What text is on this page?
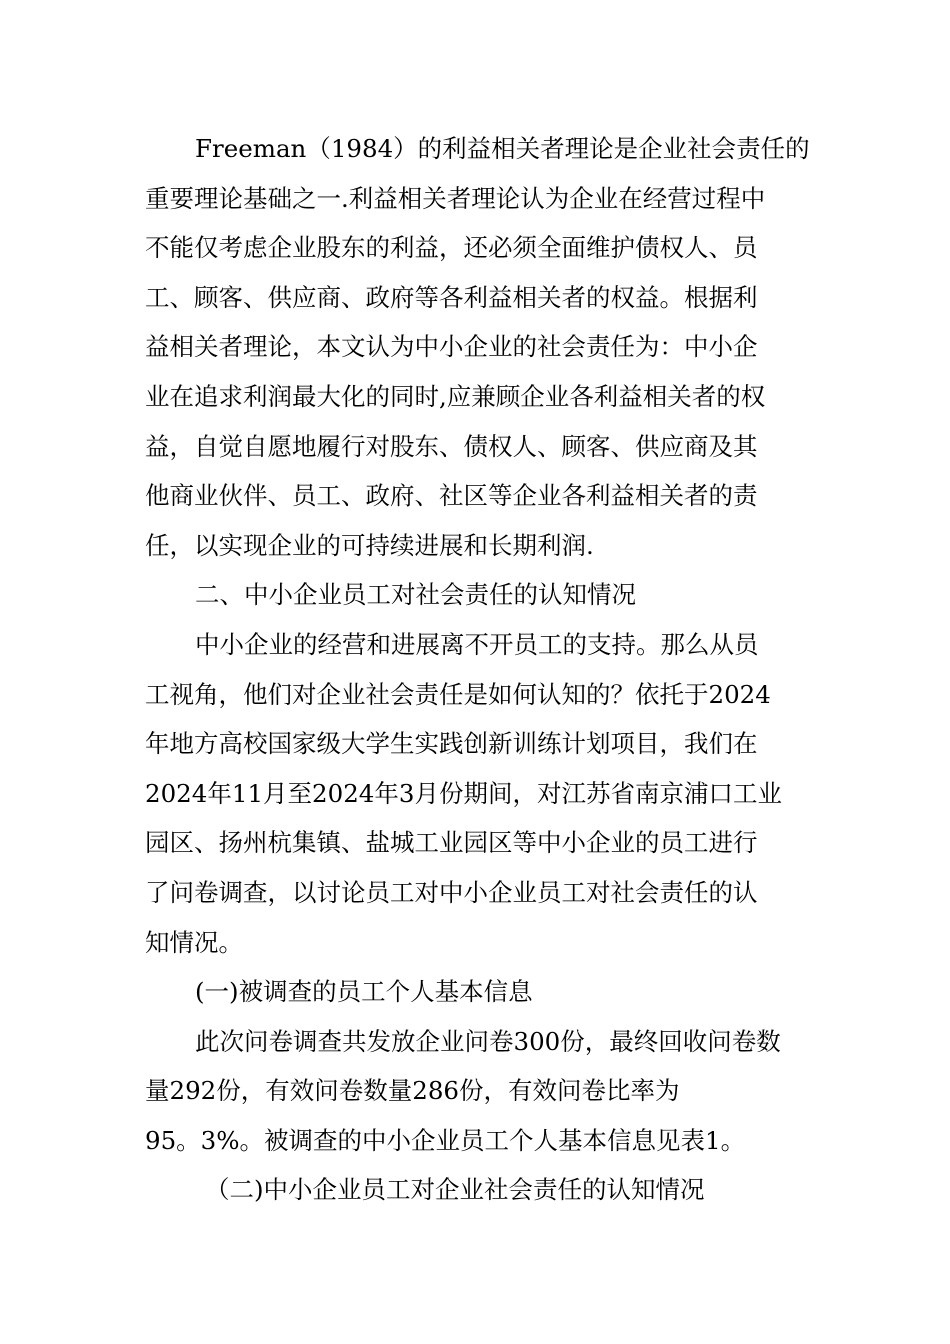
Freeman（1984）的利益相关者理论是企业社会责任的
重要理论基础之一.利益相关者理论认为企业在经营过程中
不能仅考虑企业股东的利益，还必须全面维护债权人、员
工、顾客、供应商、政府等各利益相关者的权益。根据利
益相关者理论，本文认为中小企业的社会责任为：中小企
业在追求利润最大化的同时,应兼顾企业各利益相关者的权
益，自觉自愿地履行对股东、债权人、顾客、供应商及其
他商业伙伴、员工、政府、社区等企业各利益相关者的责
任，以实现企业的可持续进展和长期利润.
二、中小企业员工对社会责任的认知情况
中小企业的经营和进展离不开员工的支持。那么从员
工视角，他们对企业社会责任是如何认知的？依托于2024
年地方高校国家级大学生实践创新训练计划项目，我们在
2024年11月至2024年3月份期间，对江苏省南京浦口工业
园区、扬州杭集镇、盐城工业园区等中小企业的员工进行
了问卷调查，以讨论员工对中小企业员工对社会责任的认
知情况。
(一)被调查的员工个人基本信息
此次问卷调查共发放企业问卷300份，最终回收问卷数
量292份，有效问卷数量286份，有效问卷比率为
95。3%。被调查的中小企业员工个人基本信息见表1。
（二)中小企业员工对企业社会责任的认知情况
